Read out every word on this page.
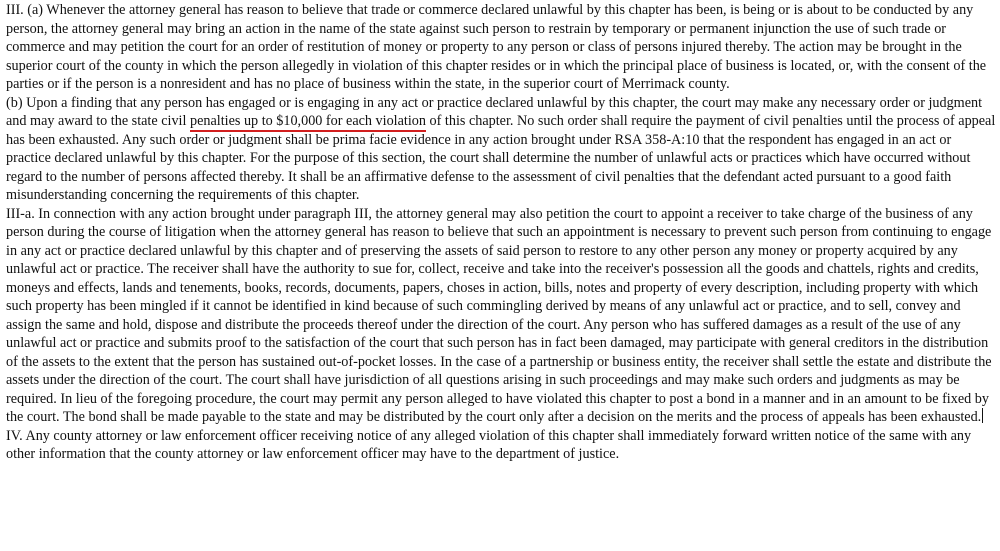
III. (a) Whenever the attorney general has reason to believe that trade or commerce declared unlawful by this chapter has been, is being or is about to be conducted by any person, the attorney general may bring an action in the name of the state against such person to restrain by temporary or permanent injunction the use of such trade or commerce and may petition the court for an order of restitution of money or property to any person or class of persons injured thereby. The action may be brought in the superior court of the county in which the person allegedly in violation of this chapter resides or in which the principal place of business is located, or, with the consent of the parties or if the person is a nonresident and has no place of business within the state, in the superior court of Merrimack county.

(b) Upon a finding that any person has engaged or is engaging in any act or practice declared unlawful by this chapter, the court may make any necessary order or judgment and may award to the state civil penalties up to $10,000 for each violation of this chapter. No such order shall require the payment of civil penalties until the process of appeal has been exhausted. Any such order or judgment shall be prima facie evidence in any action brought under RSA 358-A:10 that the respondent has engaged in an act or practice declared unlawful by this chapter. For the purpose of this section, the court shall determine the number of unlawful acts or practices which have occurred without regard to the number of persons affected thereby. It shall be an affirmative defense to the assessment of civil penalties that the defendant acted pursuant to a good faith misunderstanding concerning the requirements of this chapter.

III-a. In connection with any action brought under paragraph III, the attorney general may also petition the court to appoint a receiver to take charge of the business of any person during the course of litigation when the attorney general has reason to believe that such an appointment is necessary to prevent such person from continuing to engage in any act or practice declared unlawful by this chapter and of preserving the assets of said person to restore to any other person any money or property acquired by any unlawful act or practice. The receiver shall have the authority to sue for, collect, receive and take into the receiver's possession all the goods and chattels, rights and credits, moneys and effects, lands and tenements, books, records, documents, papers, choses in action, bills, notes and property of every description, including property with which such property has been mingled if it cannot be identified in kind because of such commingling derived by means of any unlawful act or practice, and to sell, convey and assign the same and hold, dispose and distribute the proceeds thereof under the direction of the court. Any person who has suffered damages as a result of the use of any unlawful act or practice and submits proof to the satisfaction of the court that such person has in fact been damaged, may participate with general creditors in the distribution of the assets to the extent that the person has sustained out-of-pocket losses. In the case of a partnership or business entity, the receiver shall settle the estate and distribute the assets under the direction of the court. The court shall have jurisdiction of all questions arising in such proceedings and may make such orders and judgments as may be required. In lieu of the foregoing procedure, the court may permit any person alleged to have violated this chapter to post a bond in a manner and in an amount to be fixed by the court. The bond shall be made payable to the state and may be distributed by the court only after a decision on the merits and the process of appeals has been exhausted.

IV. Any county attorney or law enforcement officer receiving notice of any alleged violation of this chapter shall immediately forward written notice of the same with any other information that the county attorney or law enforcement officer may have to the department of justice.
